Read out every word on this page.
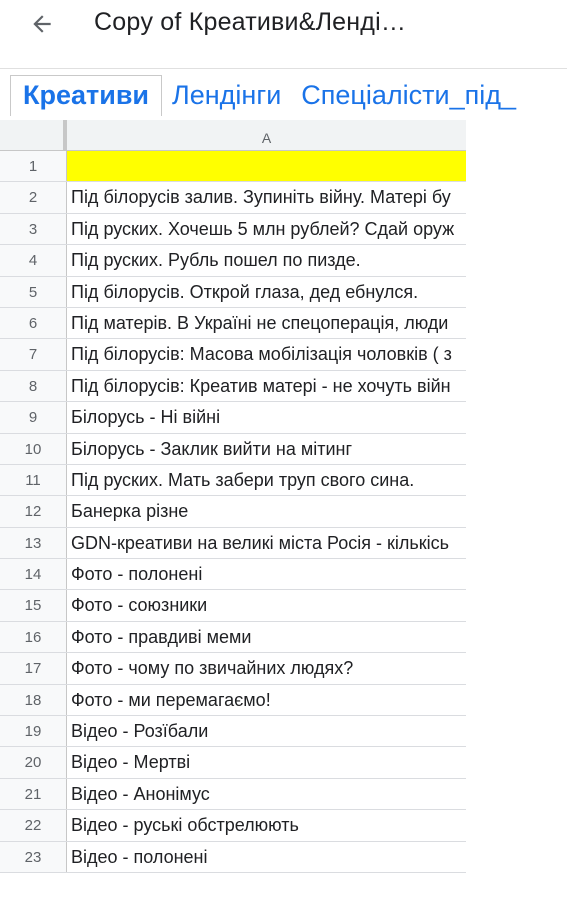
Copy of Креативи&Ленді…
Креативи Лендінги Спеціалісти_під_
A
1
2	Під білорусів залив. Зупиніть війну. Матері бу
3	Під руских. Хочешь 5 млн рублей? Сдай оруж
4	Під руских. Рубль пошел по пизде.
5	Під білорусів. Открой глаза, дед ебнулся.
6	Під матерів. В Україні не спецоперація, люди
7	Під білорусів: Масова мобілізація чоловків ( з
8	Під білорусів: Креатив матері - не хочуть війн
9	Білорусь - Ні війні
10	Білорусь - Заклик вийти на мітинг
11	Під руских. Мать забери труп свого сина.
12	Банерка різне
13	GDN-креативи на великі міста Росія - кількісь
14	Фото - полонені
15	Фото - союзники
16	Фото - правдиві меми
17	Фото - чому по звичайних людях?
18	Фото - ми перемагаємо!
19	Відео - Розїбали
20	Відео - Мертві
21	Відео - Анонімус
22	Відео - руські обстрелюють
23	Відео - полонені
